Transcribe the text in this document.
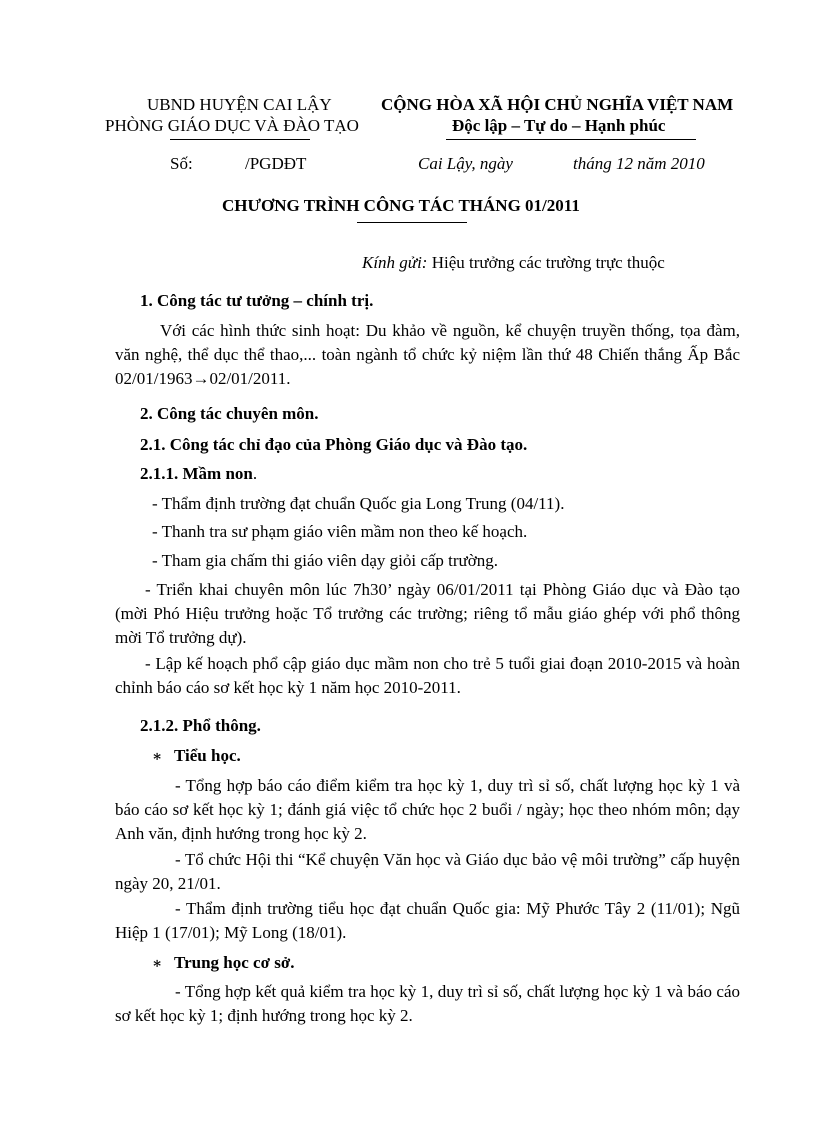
UBND HUYỆN CAI LẬY
PHÒNG GIÁO DỤC VÀ ĐÀO TẠO
CỘNG HÒA XÃ HỘI CHỦ NGHĨA VIỆT NAM
Độc lập – Tự do – Hạnh phúc
Số:	/PGDĐT	Cai Lậy, ngày	tháng 12 năm 2010
CHƯƠNG TRÌNH CÔNG TÁC THÁNG 01/2011
Kính gửi: Hiệu trưởng các trường trực thuộc
1. Công tác tư tưởng – chính trị.
Với các hình thức sinh hoạt: Du khảo về nguồn, kể chuyện truyền thống, tọa đàm, văn nghệ, thể dục thể thao,... toàn ngành tổ chức kỷ niệm lần thứ 48 Chiến thắng Ấp Bắc 02/01/1963→02/01/2011.
2. Công tác chuyên môn.
2.1. Công tác chỉ đạo của Phòng Giáo dục và Đào tạo.
2.1.1. Mầm non.
- Thẩm định trường đạt chuẩn Quốc gia Long Trung (04/11).
- Thanh tra sư phạm giáo viên mầm non theo kế hoạch.
- Tham gia chấm thi giáo viên dạy giỏi cấp trường.
- Triển khai chuyên môn lúc 7h30’ ngày 06/01/2011 tại Phòng Giáo dục và Đào tạo (mời Phó Hiệu trưởng hoặc Tổ trưởng các trường; riêng tổ mẫu giáo ghép với phổ thông mời Tổ trưởng dự).
- Lập kế hoạch phổ cập giáo dục mầm non cho trẻ 5 tuổi giai đoạn 2010-2015 và hoàn chỉnh báo cáo sơ kết học kỳ 1 năm học 2010-2011.
2.1.2. Phổ thông.
∗ Tiểu học.
- Tổng hợp báo cáo điểm kiểm tra học kỳ 1, duy trì sỉ số, chất lượng học kỳ 1 và báo cáo sơ kết học kỳ 1; đánh giá việc tổ chức học 2 buổi / ngày; học theo nhóm môn; dạy Anh văn, định hướng trong học kỳ 2.
- Tổ chức Hội thi “Kể chuyện Văn học và Giáo dục bảo vệ môi trường” cấp huyện ngày 20, 21/01.
- Thẩm định trường tiểu học đạt chuẩn Quốc gia: Mỹ Phước Tây 2 (11/01); Ngũ Hiệp 1 (17/01); Mỹ Long (18/01).
∗ Trung học cơ sở.
- Tổng hợp kết quả kiểm tra học kỳ 1, duy trì sỉ số, chất lượng học kỳ 1 và báo cáo sơ kết học kỳ 1; định hướng trong học kỳ 2.
